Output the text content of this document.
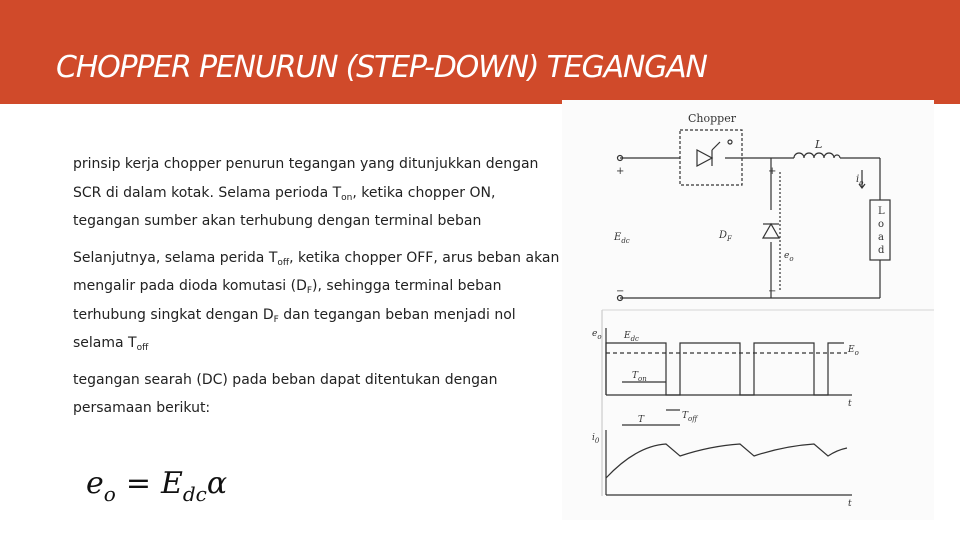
CHOPPER PENURUN (STEP-DOWN) TEGANGAN

prinsip kerja chopper penurun tegangan yang ditunjukkan dengan
SCR di dalam kotak. Selama perioda $T_{on}$, ketika chopper ON,
tegangan sumber akan terhubung dengan terminal beban

Selanjutnya, selama perida $T_{off}$, ketika chopper OFF, arus beban akan
mengalir pada dioda komutasi $(D_F)$, sehingga terminal beban
terhubung singkat dengan $D_F$ dan tegangan beban menjadi nol
selama $T_{off}$

tegangan searah (DC) pada beban dapat ditentukan dengan
persamaan berikut:

$e_o = E_{dc}\alpha$
Chopper
L
$i_o$
$E_{dc}$	$D_F$
$e_o$
L
o
a
d
+	+
−
−
$e_o$ $E_{dc}$
$E_o$
$T_{on}$
$T_{off}$
T
t
$i_0$
t
